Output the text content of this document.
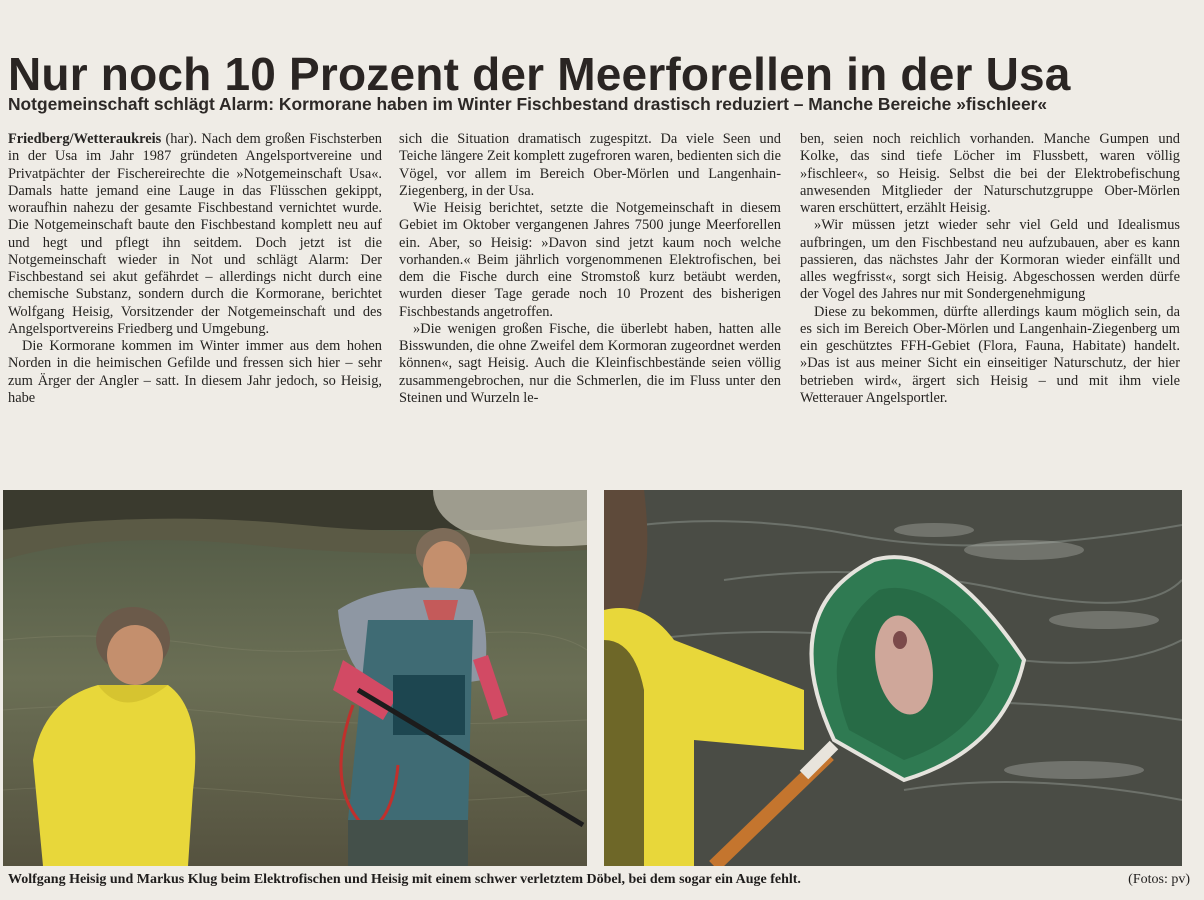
Nur noch 10 Prozent der Meerforellen in der Usa
Notgemeinschaft schlägt Alarm: Kormorane haben im Winter Fischbestand drastisch reduziert – Manche Bereiche »fischleer«

Friedberg/Wetteraukreis (har). Nach dem großen Fischsterben in der Usa im Jahr 1987 gründeten Angelsportvereine und Privatpächter der Fischereirechte die »Notgemeinschaft Usa«. Damals hatte jemand eine Lauge in das Flüsschen gekippt, woraufhin nahezu der gesamte Fischbestand vernichtet wurde. Die Notgemeinschaft baute den Fischbestand komplett neu auf und hegt und pflegt ihn seitdem. Doch jetzt ist die Notgemeinschaft wieder in Not und schlägt Alarm: Der Fischbestand sei akut gefährdet – allerdings nicht durch eine chemische Substanz, sondern durch die Kormorane, berichtet Wolfgang Heisig, Vorsitzender der Notgemeinschaft und des Angelsportvereins Friedberg und Umgebung.

Die Kormorane kommen im Winter immer aus dem hohen Norden in die heimischen Gefilde und fressen sich hier – sehr zum Ärger der Angler – satt. In diesem Jahr jedoch, so Heisig, habe

sich die Situation dramatisch zugespitzt. Da viele Seen und Teiche längere Zeit komplett zugefroren waren, bedienten sich die Vögel, vor allem im Bereich Ober-Mörlen und Langenhain-Ziegenberg, in der Usa.

Wie Heisig berichtet, setzte die Notgemeinschaft in diesem Gebiet im Oktober vergangenen Jahres 7500 junge Meerforellen ein. Aber, so Heisig: »Davon sind jetzt kaum noch welche vorhanden.« Beim jährlich vorgenommenen Elektrofischen, bei dem die Fische durch eine Stromstoß kurz betäubt werden, wurden dieser Tage gerade noch 10 Prozent des bisherigen Fischbestands angetroffen.

»Die wenigen großen Fische, die überlebt haben, hatten alle Bisswunden, die ohne Zweifel dem Kormoran zugeordnet werden können«, sagt Heisig. Auch die Kleinfischbestände seien völlig zusammengebrochen, nur die Schmerlen, die im Fluss unter den Steinen und Wurzeln le-

ben, seien noch reichlich vorhanden. Manche Gumpen und Kolke, das sind tiefe Löcher im Flussbett, waren völlig »fischleer«, so Heisig. Selbst die bei der Elektrobefischung anwesenden Mitglieder der Naturschutzgruppe Ober-Mörlen waren erschüttert, erzählt Heisig.

»Wir müssen jetzt wieder sehr viel Geld und Idealismus aufbringen, um den Fischbestand neu aufzubauen, aber es kann passieren, das nächstes Jahr der Kormoran wieder einfällt und alles wegfrisst«, sorgt sich Heisig. Abgeschossen werden dürfe der Vogel des Jahres nur mit Sondergenehmigung

Diese zu bekommen, dürfte allerdings kaum möglich sein, da es sich im Bereich Ober-Mörlen und Langenhain-Ziegenberg um ein geschütztes FFH-Gebiet (Flora, Fauna, Habitate) handelt. »Das ist aus meiner Sicht ein einseitiger Naturschutz, der hier betrieben wird«, ärgert sich Heisig – und mit ihm viele Wetterauer Angelsportler.

Wolfgang Heisig und Markus Klug beim Elektrofischen und Heisig mit einem schwer verletztem Döbel, bei dem sogar ein Auge fehlt.	(Fotos: pv)
